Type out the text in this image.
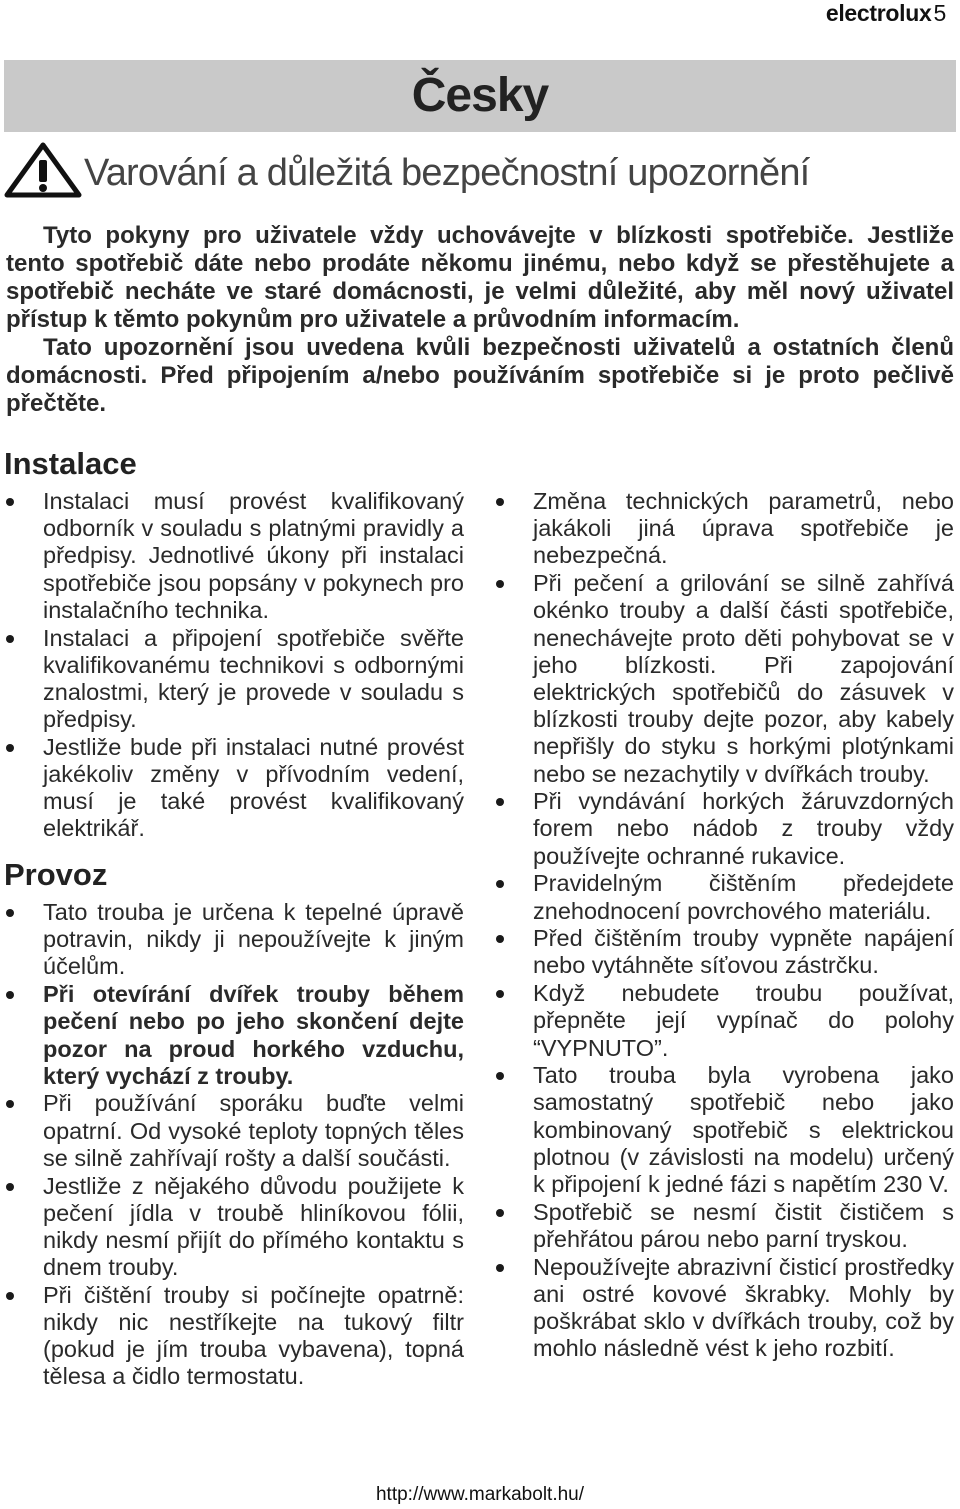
electrolux5
Česky
Varování a důležitá bezpečnostní upozornění

Tyto pokyny pro uživatele vždy uchovávejte v blízkosti spotřebiče. Jestliže tento spotřebič dáte nebo prodáte někomu jinému, nebo když se přestěhujete a spotřebič necháte ve staré domácnosti, je velmi důležité, aby měl nový uživatel přístup k těmto pokynům pro uživatele a průvodním informacím.

Tato upozornění jsou uvedena kvůli bezpečnosti uživatelů a ostatních členů domácnosti. Před připojením a/nebo používáním spotřebiče si je proto pečlivě přečtěte.

Instalace
Instalaci musí provést kvalifikovaný odborník v souladu s platnými pravidly a předpisy. Jednotlivé úkony při instalaci spotřebiče jsou popsány v pokynech pro instalačního technika.
Instalaci a připojení spotřebiče svěřte kvalifikovanému technikovi s odbornými znalostmi, který je provede v souladu s předpisy.
Jestliže bude při instalaci nutné provést jakékoliv změny v přívodním vedení, musí je také provést kvalifikovaný elektrikář.
Provoz
Tato trouba je určena k tepelné úpravě potravin, nikdy ji nepoužívejte k jiným účelům.
Při otevírání dvířek trouby během pečení nebo po jeho skončení dejte pozor na proud horkého vzduchu, který vychází z trouby.
Při používání sporáku buďte velmi opatrní. Od vysoké teploty topných těles se silně zahřívají rošty a další součásti.
Jestliže z nějakého důvodu použijete k pečení jídla v troubě hliníkovou fólii, nikdy nesmí přijít do přímého kontaktu s dnem trouby.
Při čištění trouby si počínejte opatrně: nikdy nic nestříkejte na tukový filtr (pokud je jím trouba vybavena), topná tělesa a čidlo termostatu.
Změna technických parametrů, nebo jakákoli jiná úprava spotřebiče je nebezpečná.
Při pečení a grilování se silně zahřívá okénko trouby a další části spotřebiče, nenechávejte proto děti pohybovat se v jeho blízkosti. Při zapojování elektrických spotřebičů do zásuvek v blízkosti trouby dejte pozor, aby kabely nepřišly do styku s horkými plotýnkami nebo se nezachytily v dvířkách trouby.
Při vyndávání horkých žáruvzdorných forem nebo nádob z trouby vždy používejte ochranné rukavice.
Pravidelným čištěním předejdete znehodnocení povrchového materiálu.
Před čištěním trouby vypněte napájení nebo vytáhněte síťovou zástrčku.
Když nebudete troubu používat, přepněte její vypínač do polohy “VYPNUTO”.
Tato trouba byla vyrobena jako samostatný spotřebič nebo jako kombinovaný spotřebič s elektrickou plotnou (v závislosti na modelu) určený k připojení k jedné fázi s napětím 230 V.
Spotřebič se nesmí čistit čističem s přehřátou párou nebo parní tryskou.
Nepoužívejte abrazivní čisticí prostředky ani ostré kovové škrabky. Mohly by poškrábat sklo v dvířkách trouby, což by mohlo následně vést k jeho rozbití.
http://www.markabolt.hu/
